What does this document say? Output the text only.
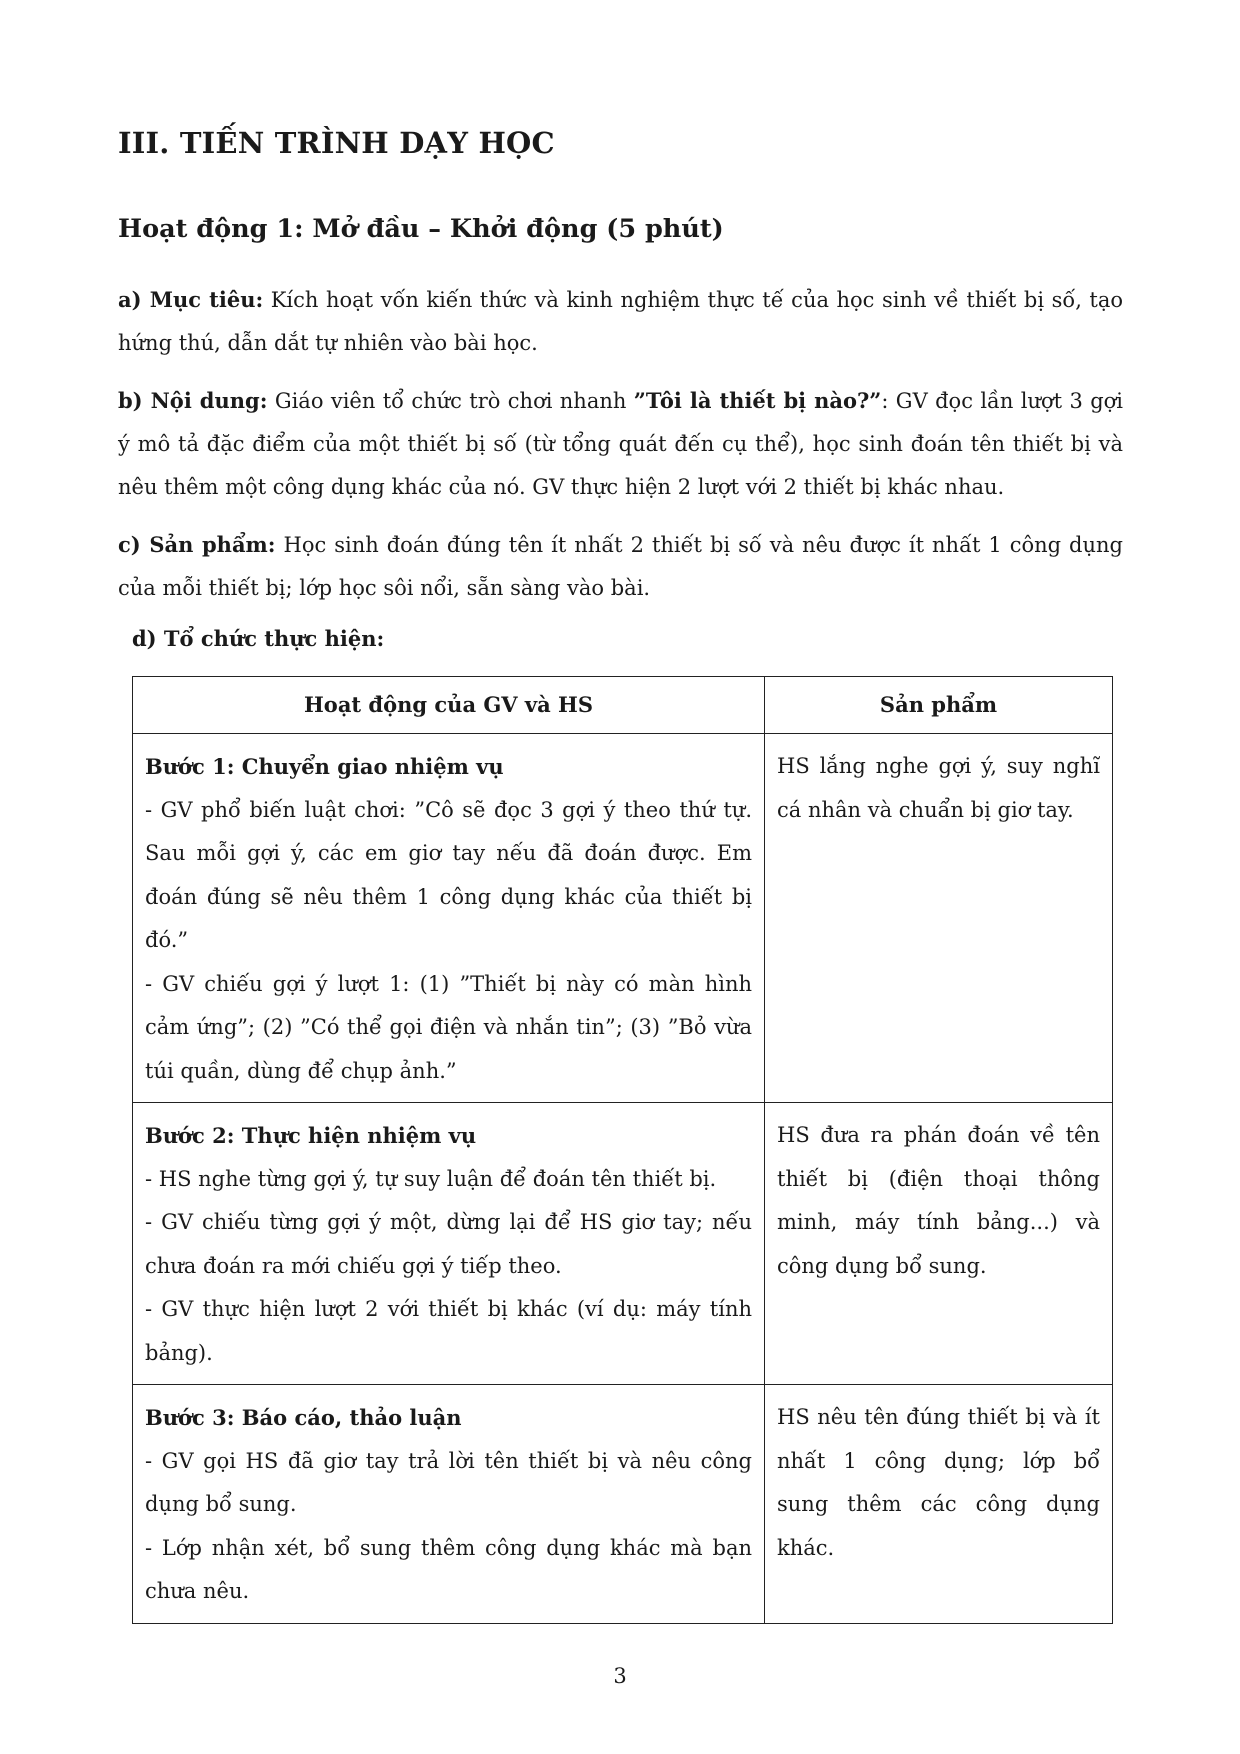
III. TIẾN TRÌNH DẠY HỌC
Hoạt động 1: Mở đầu – Khởi động (5 phút)

a) Mục tiêu: Kích hoạt vốn kiến thức và kinh nghiệm thực tế của học sinh về thiết bị số, tạo hứng thú, dẫn dắt tự nhiên vào bài học.

b) Nội dung: Giáo viên tổ chức trò chơi nhanh ”Tôi là thiết bị nào?”: GV đọc lần lượt 3 gợi ý mô tả đặc điểm của một thiết bị số (từ tổng quát đến cụ thể), học sinh đoán tên thiết bị và nêu thêm một công dụng khác của nó. GV thực hiện 2 lượt với 2 thiết bị khác nhau.

c) Sản phẩm: Học sinh đoán đúng tên ít nhất 2 thiết bị số và nêu được ít nhất 1 công dụng của mỗi thiết bị; lớp học sôi nổi, sẵn sàng vào bài.

d) Tổ chức thực hiện:

Hoạt động của GV và HS	Sản phẩm

Bước 1: Chuyển giao nhiệm vụ
- GV phổ biến luật chơi: ”Cô sẽ đọc 3 gợi ý theo thứ tự. Sau mỗi gợi ý, các em giơ tay nếu đã đoán được. Em đoán đúng sẽ nêu thêm 1 công dụng khác của thiết bị đó.”
- GV chiếu gợi ý lượt 1: (1) ”Thiết bị này có màn hình cảm ứng”; (2) ”Có thể gọi điện và nhắn tin”; (3) ”Bỏ vừa túi quần, dùng để chụp ảnh.”	HS lắng nghe gợi ý, suy nghĩ cá nhân và chuẩn bị giơ tay.

Bước 2: Thực hiện nhiệm vụ
- HS nghe từng gợi ý, tự suy luận để đoán tên thiết bị.
- GV chiếu từng gợi ý một, dừng lại để HS giơ tay; nếu chưa đoán ra mới chiếu gợi ý tiếp theo.
- GV thực hiện lượt 2 với thiết bị khác (ví dụ: máy tính bảng).	HS đưa ra phán đoán về tên thiết bị (điện thoại thông minh, máy tính bảng...) và công dụng bổ sung.

Bước 3: Báo cáo, thảo luận
- GV gọi HS đã giơ tay trả lời tên thiết bị và nêu công dụng bổ sung.
- Lớp nhận xét, bổ sung thêm công dụng khác mà bạn chưa nêu.	HS nêu tên đúng thiết bị và ít nhất 1 công dụng; lớp bổ sung thêm các công dụng khác.
3
